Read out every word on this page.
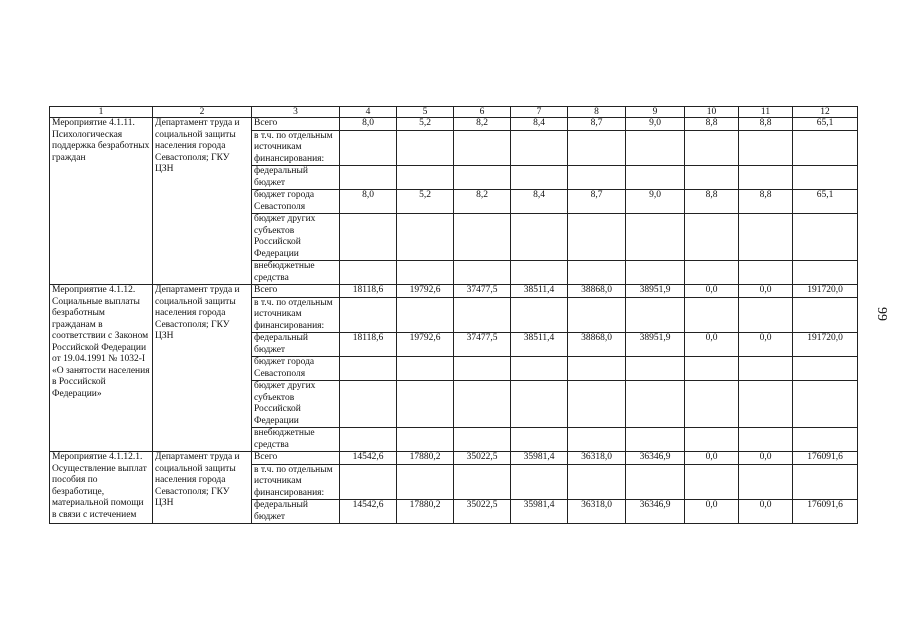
1	2	3	4	5	6	7	8	9	10	11	12
Мероприятие 4.1.11. Психологическая поддержка безработных граждан	Департамент труда и социальной защиты населения города Севастополя; ГКУ ЦЗН	Всего	8,0	5,2	8,2	8,4	8,7	9,0	8,8	8,8	65,1
		в т.ч. по отдельным источникам финансирования:									
		федеральный бюджет									
		бюджет города Севастополя	8,0	5,2	8,2	8,4	8,7	9,0	8,8	8,8	65,1
		бюджет других субъектов Российской Федерации									
		внебюджетные средства									
Мероприятие 4.1.12. Социальные выплаты безработным гражданам в соответствии с Законом Российской Федерации от 19.04.1991 № 1032-I «О занятости населения в Российской Федерации»	Департамент труда и социальной защиты населения города Севастополя; ГКУ ЦЗН	Всего	18118,6	19792,6	37477,5	38511,4	38868,0	38951,9	0,0	0,0	191720,0
		в т.ч. по отдельным источникам финансирования:									
		федеральный бюджет	18118,6	19792,6	37477,5	38511,4	38868,0	38951,9	0,0	0,0	191720,0
		бюджет города Севастополя									
		бюджет других субъектов Российской Федерации									
		внебюджетные средства									
Мероприятие 4.1.12.1. Осуществление выплат пособия по безработице, материальной помощи в связи с истечением	Департамент труда и социальной защиты населения города Севастополя; ГКУ ЦЗН	Всего	14542,6	17880,2	35022,5	35981,4	36318,0	36346,9	0,0	0,0	176091,6
		в т.ч. по отдельным источникам финансирования:									
		федеральный бюджет	14542,6	17880,2	35022,5	35981,4	36318,0	36346,9	0,0	0,0	176091,6
99
